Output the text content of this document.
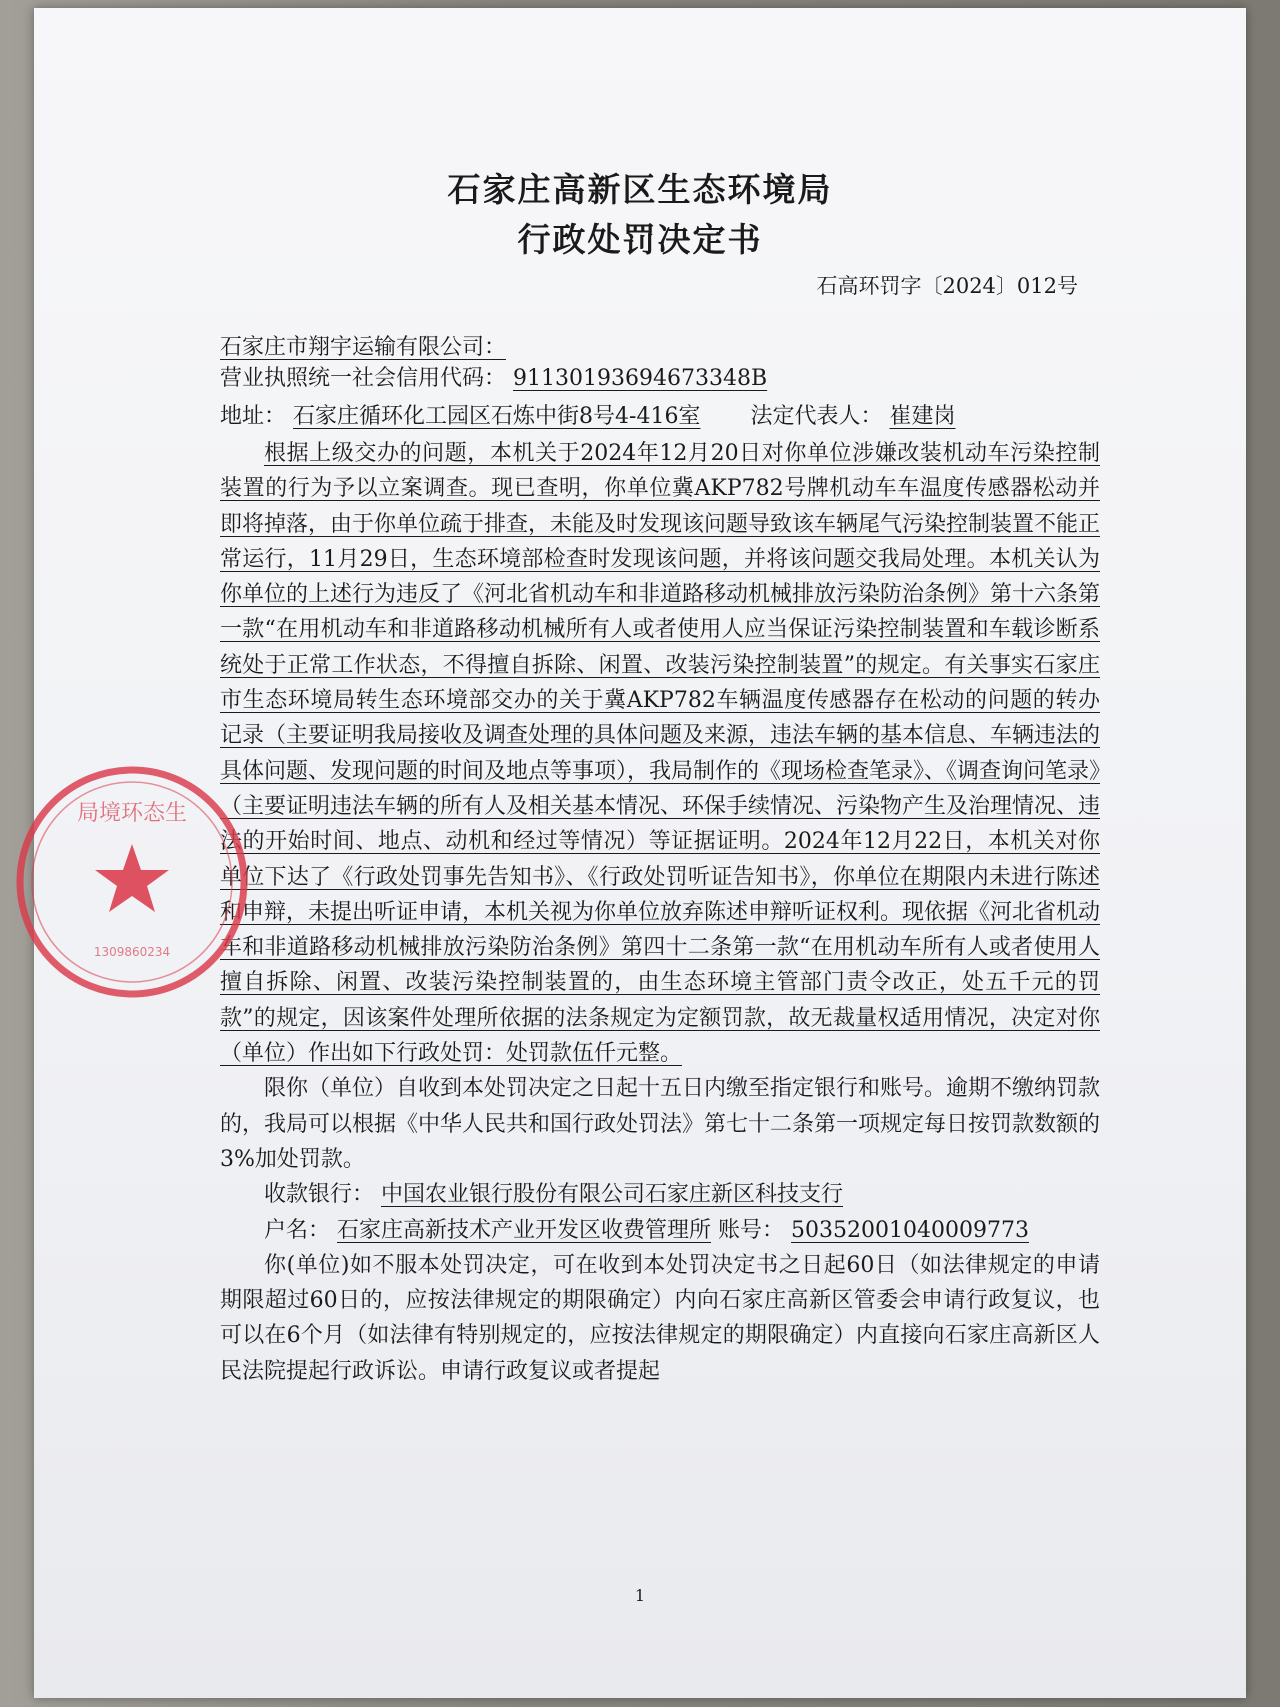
石家庄高新区生态环境局
行政处罚决定书
石高环罚字〔2024〕012号
石家庄市翔宇运输有限公司：
营业执照统一社会信用代码： 91130193694673348B
地址： 石家庄循环化工园区石炼中街8号4-416室 法定代表人： 崔建岗

根据上级交办的问题，本机关于2024年12月20日对你单位涉嫌改装机动车污染控制装置的行为予以立案调查。现已查明，你单位冀AKP782号牌机动车车温度传感器松动并即将掉落，由于你单位疏于排查，未能及时发现该问题导致该车辆尾气污染控制装置不能正常运行，11月29日，生态环境部检查时发现该问题，并将该问题交我局处理。本机关认为你单位的上述行为违反了《河北省机动车和非道路移动机械排放污染防治条例》第十六条第一款“在用机动车和非道路移动机械所有人或者使用人应当保证污染控制装置和车载诊断系统处于正常工作状态，不得擅自拆除、闲置、改装污染控制装置”的规定。有关事实石家庄市生态环境局转生态环境部交办的关于冀AKP782车辆温度传感器存在松动的问题的转办记录（主要证明我局接收及调查处理的具体问题及来源，违法车辆的基本信息、车辆违法的具体问题、发现问题的时间及地点等事项），我局制作的《现场检查笔录》、《调查询问笔录》（主要证明违法车辆的所有人及相关基本情况、环保手续情况、污染物产生及治理情况、违法的开始时间、地点、动机和经过等情况）等证据证明。2024年12月22日，本机关对你单位下达了《行政处罚事先告知书》、《行政处罚听证告知书》，你单位在期限内未进行陈述和申辩，未提出听证申请，本机关视为你单位放弃陈述申辩听证权利。现依据《河北省机动车和非道路移动机械排放污染防治条例》第四十二条第一款“在用机动车所有人或者使用人擅自拆除、闲置、改装污染控制装置的，由生态环境主管部门责令改正，处五千元的罚款”的规定，因该案件处理所依据的法条规定为定额罚款，故无裁量权适用情况，决定对你（单位）作出如下行政处罚：处罚款伍仟元整。

限你（单位）自收到本处罚决定之日起十五日内缴至指定银行和账号。逾期不缴纳罚款的，我局可以根据《中华人民共和国行政处罚法》第七十二条第一项规定每日按罚款数额的3%加处罚款。

收款银行： 中国农业银行股份有限公司石家庄新区科技支行

户名： 石家庄高新技术产业开发区收费管理所 账号： 50352001040009773

你(单位)如不服本处罚决定，可在收到本处罚决定书之日起60日（如法律规定的申请期限超过60日的，应按法律规定的期限确定）内向石家庄高新区管委会申请行政复议，也可以在6个月（如法律有特别规定的，应按法律规定的期限确定）内直接向石家庄高新区人民法院提起行政诉讼。申请行政复议或者提起

1
局境环态生
1309860234
